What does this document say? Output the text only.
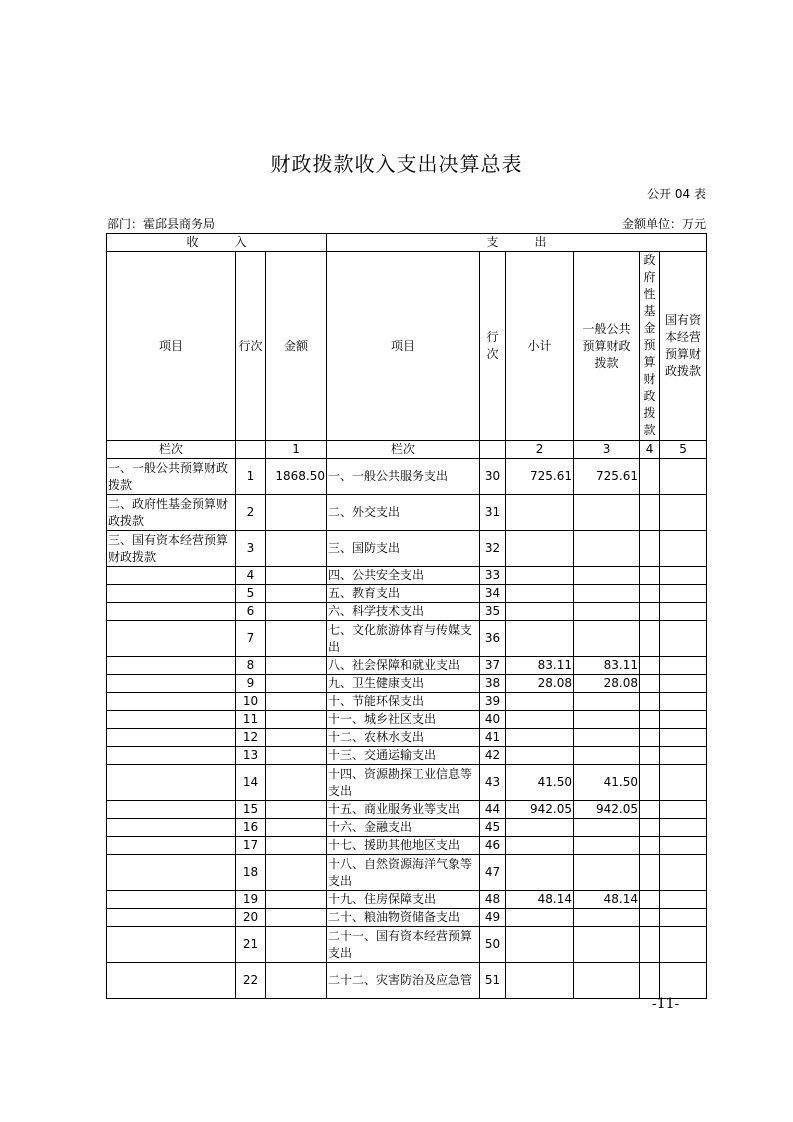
财政拨款收入支出决算总表
公开 04 表
部门：霍邱县商务局	金额单位：万元
收　　　入			支　　　出					
项目	行次	金额	项目	行次	小计	一般公共预算财政拨款	政府性基金预算财政拨款	国有资本经营预算财政拨款
栏次		1	栏次		2	3	4	5
一、一般公共预算财政拨款	1	1868.50	一、一般公共服务支出	30	725.61	725.61		
二、政府性基金预算财政拨款	2		二、外交支出	31				
三、国有资本经营预算财政拨款	3		三、国防支出	32				
	4		四、公共安全支出	33				
	5		五、教育支出	34				
	6		六、科学技术支出	35				
	7		七、文化旅游体育与传媒支出	36				
	8		八、社会保障和就业支出	37	83.11	83.11		
	9		九、卫生健康支出	38	28.08	28.08		
	10		十、节能环保支出	39				
	11		十一、城乡社区支出	40				
	12		十二、农林水支出	41				
	13		十三、交通运输支出	42				
	14		十四、资源勘探工业信息等支出	43	41.50	41.50		
	15		十五、商业服务业等支出	44	942.05	942.05		
	16		十六、金融支出	45				
	17		十七、援助其他地区支出	46				
	18		十八、自然资源海洋气象等支出	47				
	19		十九、住房保障支出	48	48.14	48.14		
	20		二十、粮油物资储备支出	49				
	21		二十一、国有资本经营预算支出	50				
	22		二十二、灾害防治及应急管	51				
-11-
